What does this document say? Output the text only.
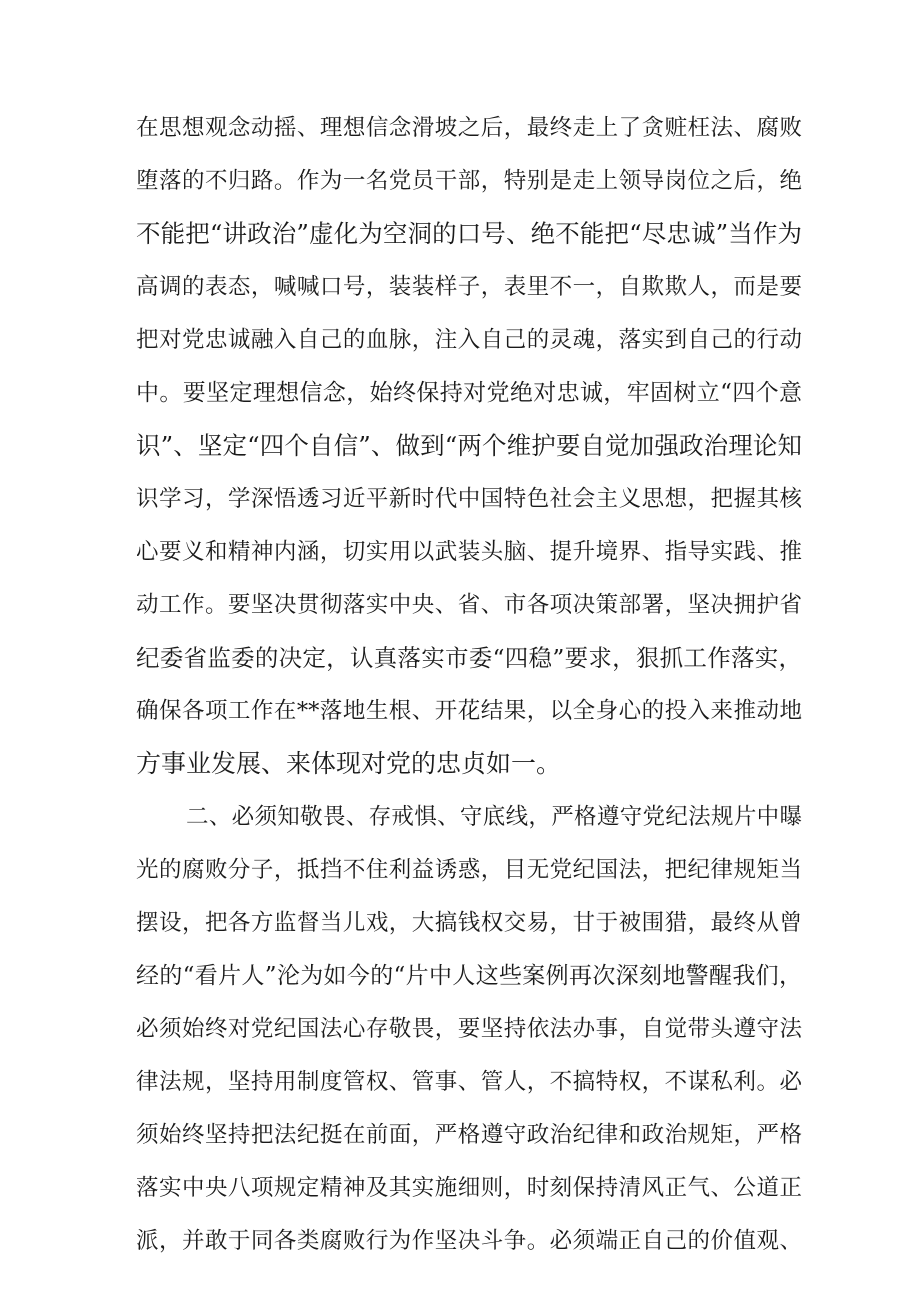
在思想观念动摇、理想信念滑坡之后，最终走上了贪赃枉法、腐败
堕落的不归路。作为一名党员干部，特别是走上领导岗位之后，绝
不能把“讲政治”虚化为空洞的口号、绝不能把“尽忠诚”当作为
高调的表态，喊喊口号，装装样子，表里不一，自欺欺人，而是要
把对党忠诚融入自己的血脉，注入自己的灵魂，落实到自己的行动
中。要坚定理想信念，始终保持对党绝对忠诚，牢固树立“四个意
识”、坚定“四个自信”、做到“两个维护要自觉加强政治理论知
识学习，学深悟透习近平新时代中国特色社会主义思想，把握其核
心要义和精神内涵，切实用以武装头脑、提升境界、指导实践、推
动工作。要坚决贯彻落实中央、省、市各项决策部署，坚决拥护省
纪委省监委的决定，认真落实市委“四稳”要求，狠抓工作落实，
确保各项工作在**落地生根、开花结果，以全身心的投入来推动地
方事业发展、来体现对党的忠贞如一。
二、必须知敬畏、存戒惧、守底线，严格遵守党纪法规片中曝
光的腐败分子，抵挡不住利益诱惑，目无党纪国法，把纪律规矩当
摆设，把各方监督当儿戏，大搞钱权交易，甘于被围猎，最终从曾
经的“看片人”沦为如今的“片中人这些案例再次深刻地警醒我们，
必须始终对党纪国法心存敬畏，要坚持依法办事，自觉带头遵守法
律法规，坚持用制度管权、管事、管人，不搞特权，不谋私利。必
须始终坚持把法纪挺在前面，严格遵守政治纪律和政治规矩，严格
落实中央八项规定精神及其实施细则，时刻保持清风正气、公道正
派，并敢于同各类腐败行为作坚决斗争。必须端正自己的价值观、
